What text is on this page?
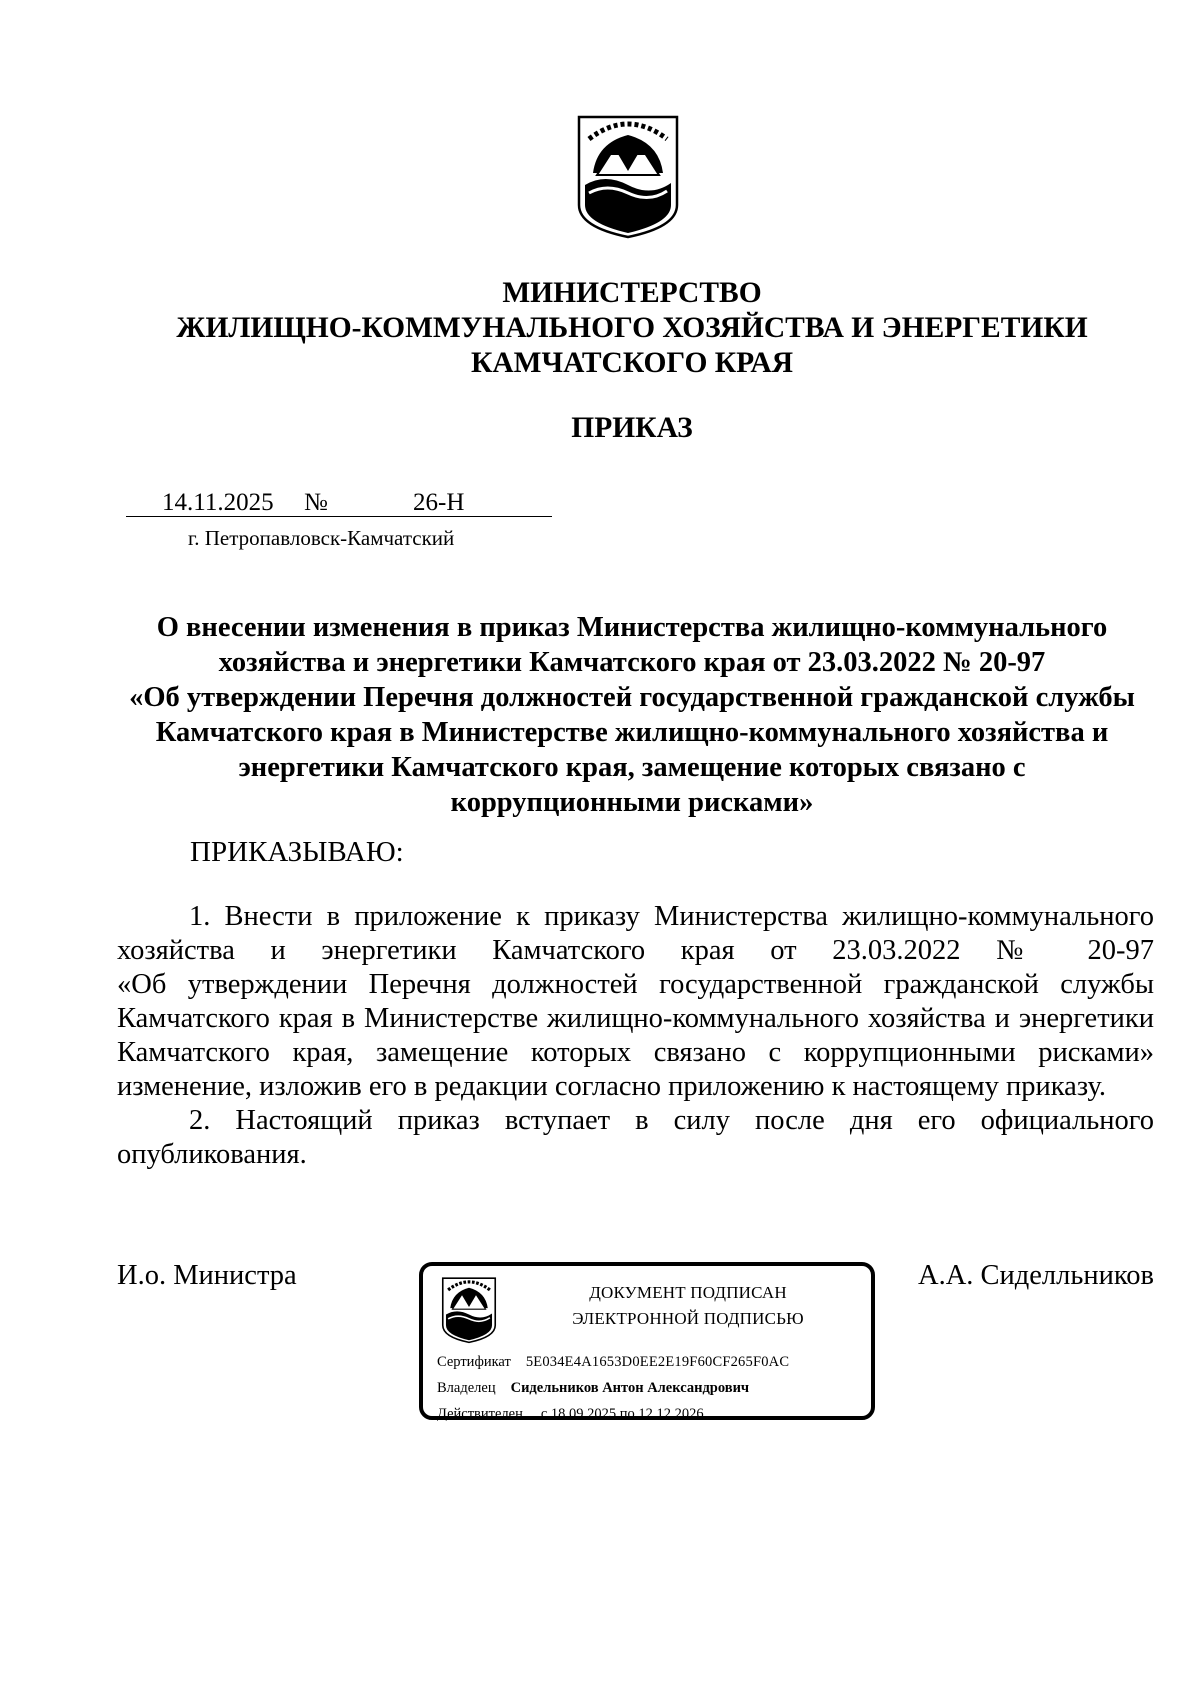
МИНИСТЕРСТВО
ЖИЛИЩНО-КОММУНАЛЬНОГО ХОЗЯЙСТВА И ЭНЕРГЕТИКИ
КАМЧАТСКОГО КРАЯ
ПРИКАЗ
14.11.2025 №	26-Н
г. Петропавловск-Камчатский
О внесении изменения в приказ Министерства жилищно-коммунального
хозяйства и энергетики Камчатского края от 23.03.2022 № 20-97
«Об утверждении Перечня должностей государственной гражданской службы
Камчатского края в Министерстве жилищно-коммунального хозяйства и
энергетики Камчатского края, замещение которых связано с
коррупционными рисками»
ПРИКАЗЫВАЮ:
1. Внести в приложение к приказу Министерства жилищно-коммунального
хозяйства и энергетики Камчатского края от 23.03.2022 № 20-97
«Об утверждении Перечня должностей государственной гражданской службы
Камчатского края в Министерстве жилищно-коммунального хозяйства и энергетики
Камчатского края, замещение которых связано с коррупционными рисками»
изменение, изложив его в редакции согласно приложению к настоящему приказу.
2. Настоящий приказ вступает в силу после дня его официального
опубликования.
И.о. Министра	А.А. Сиделльников
ДОКУМЕНТ ПОДПИСАН
ЭЛЕКТРОННОЙ ПОДПИСЬЮ
Сертификат 5E034E4A1653D0EE2E19F60CF265F0AC
Владелец Сидельников Антон Александрович
Действителен с 18.09.2025 по 12.12.2026
